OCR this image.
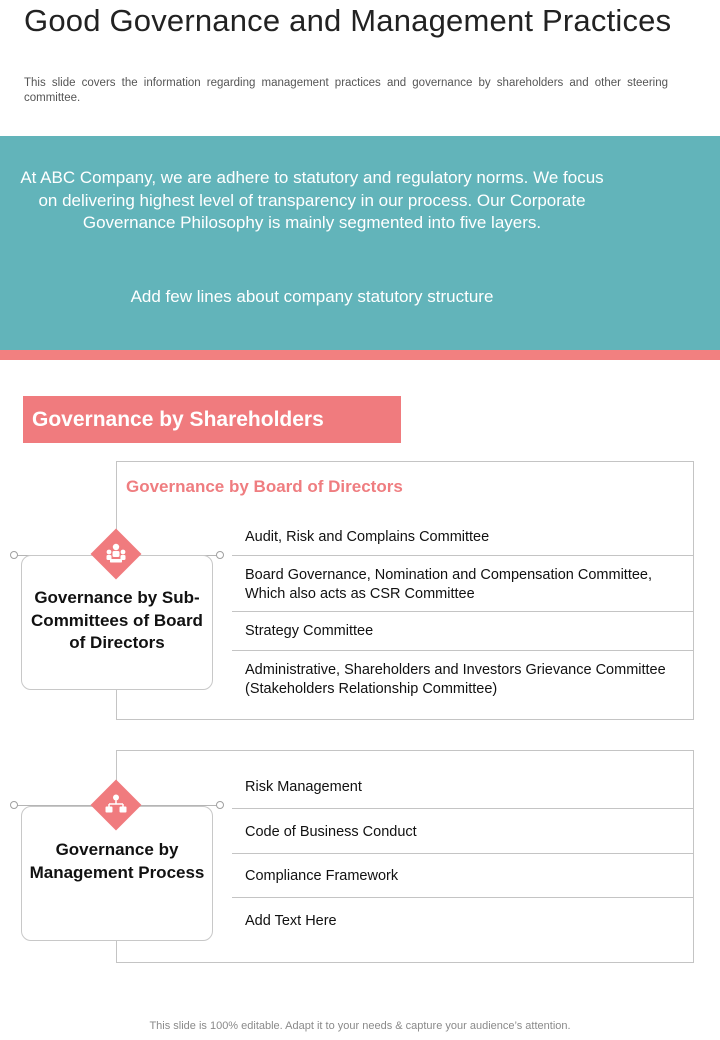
Good Governance and Management Practices

This slide covers the information regarding management practices and governance by shareholders and other steering committee.

At ABC Company, we are adhere to statutory and regulatory norms. We focus on delivering highest level of transparency in our process. Our Corporate Governance Philosophy is mainly segmented into five layers.

Add few lines about company statutory structure

Governance by Shareholders
Governance by Board of Directors
Audit, Risk and Complains Committee
Board Governance, Nomination and Compensation Committee, Which also acts as CSR Committee
Strategy Committee
Administrative, Shareholders and Investors Grievance Committee (Stakeholders Relationship Committee)
Governance by Sub-Committees of Board of Directors
Risk Management
Code of Business Conduct
Compliance Framework
Add Text Here
Governance by Management Process
This slide is 100% editable. Adapt it to your needs & capture your audience’s attention.
